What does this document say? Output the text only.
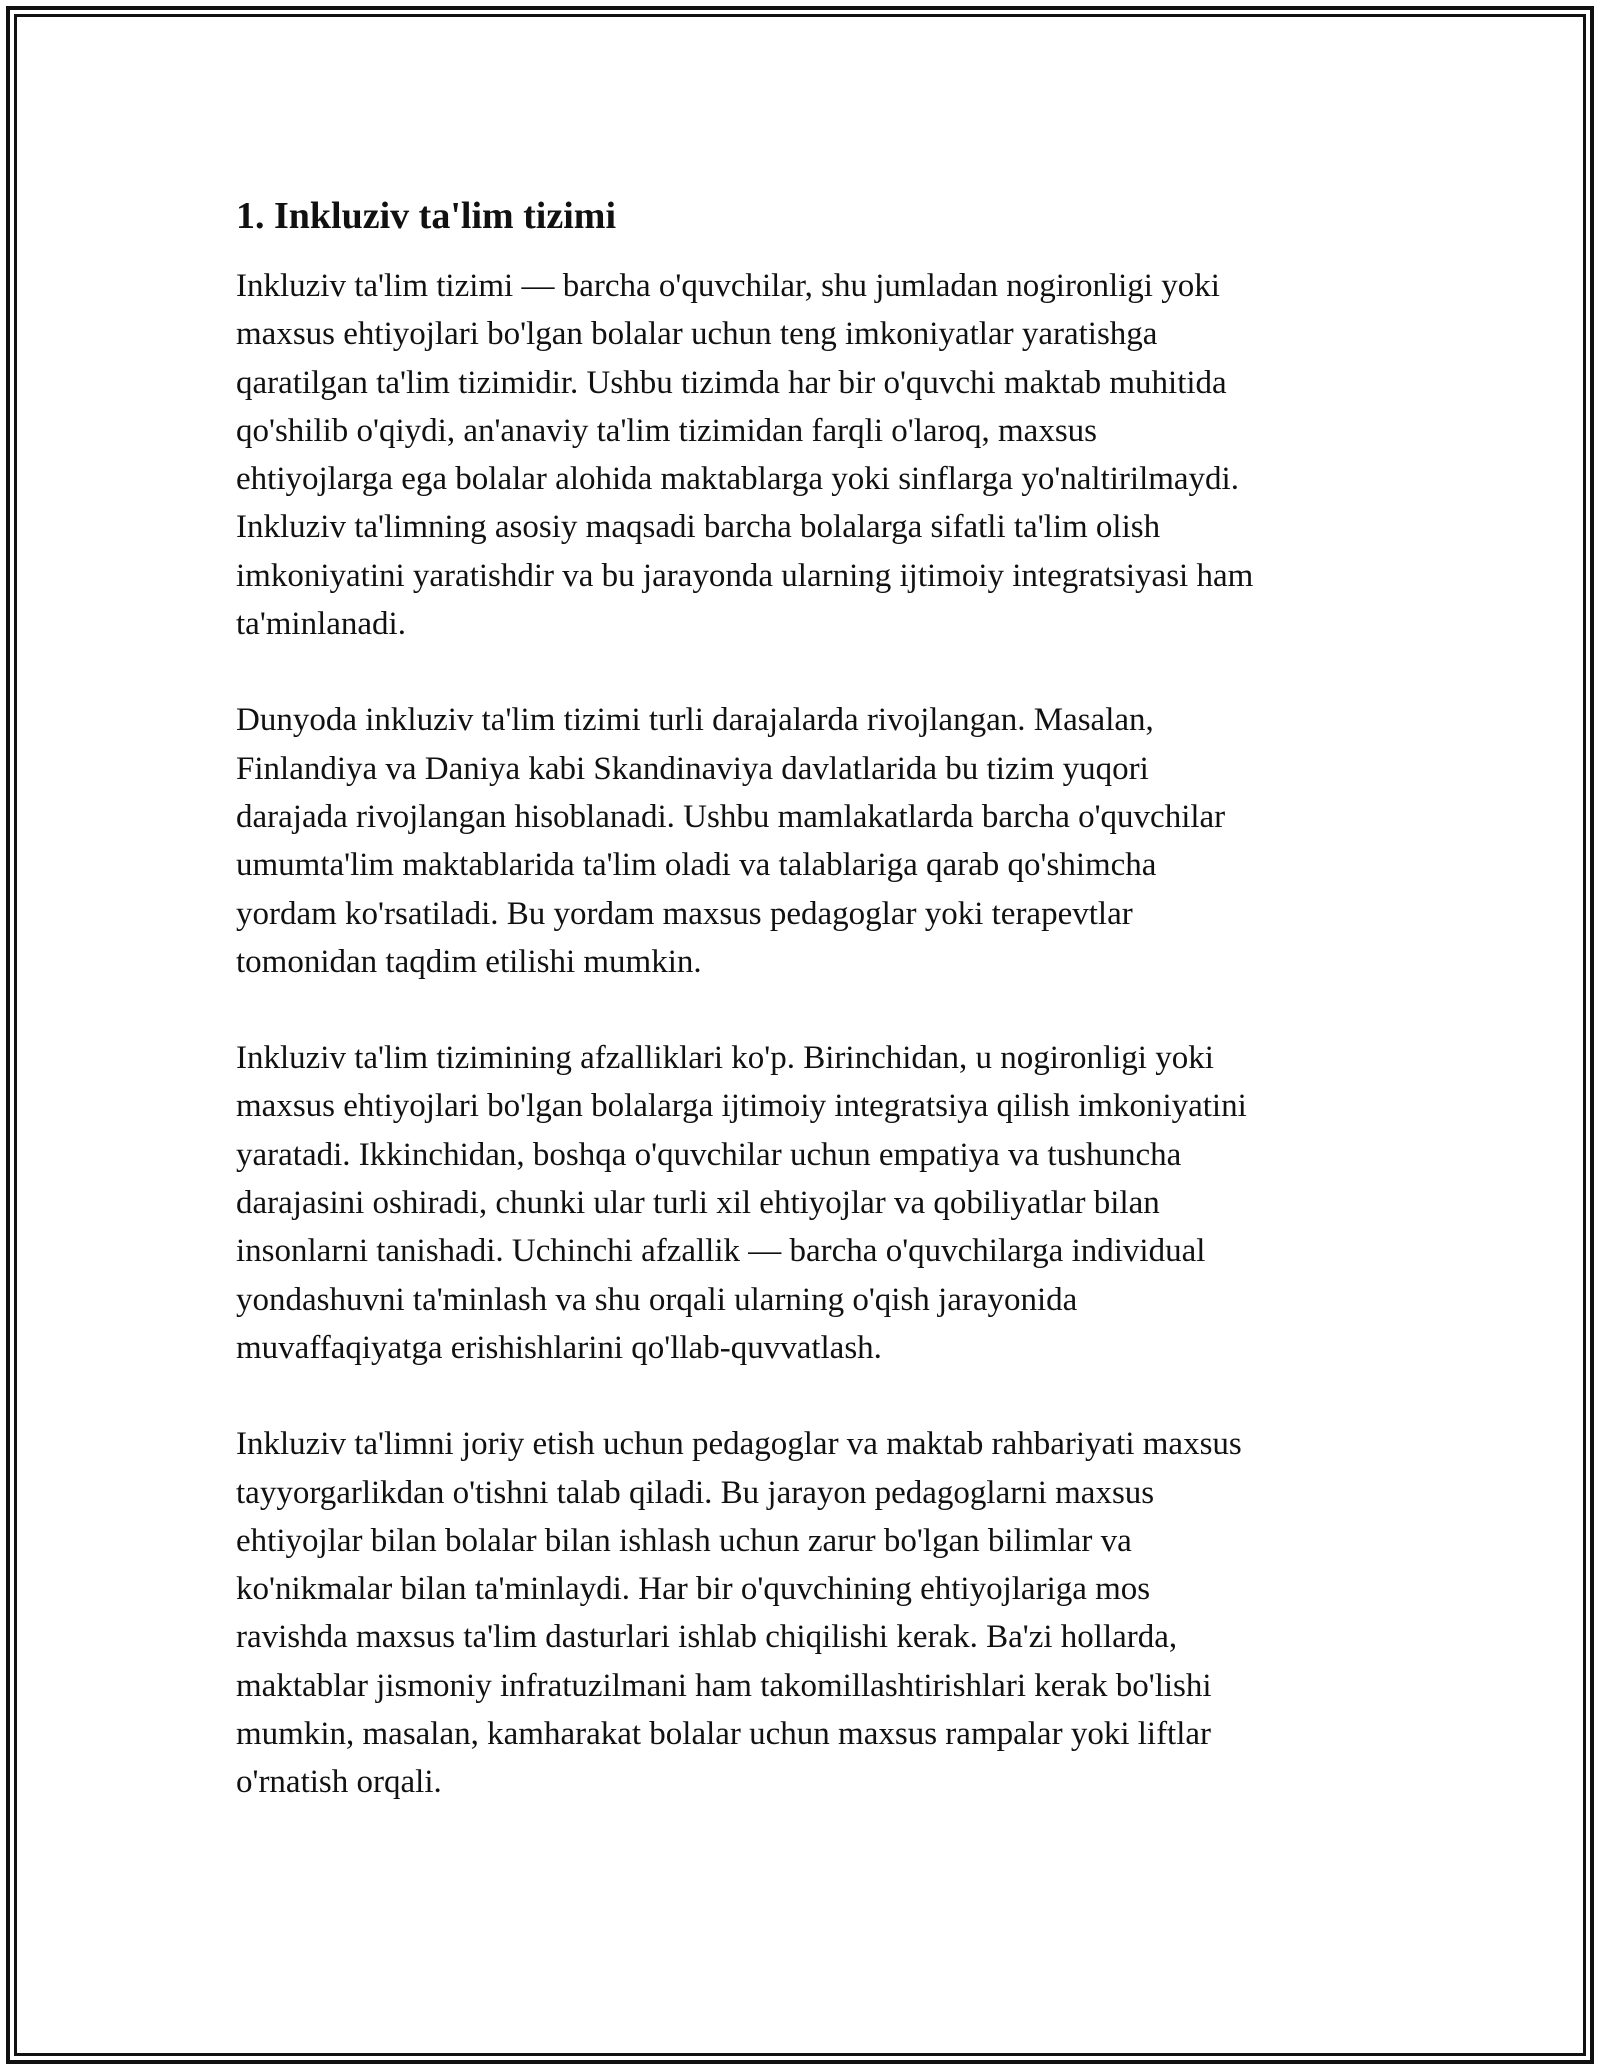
1. Inkluziv ta'lim tizimi

Inkluziv ta'lim tizimi — barcha o'quvchilar, shu jumladan nogironligi yoki
maxsus ehtiyojlari bo'lgan bolalar uchun teng imkoniyatlar yaratishga
qaratilgan ta'lim tizimidir. Ushbu tizimda har bir o'quvchi maktab muhitida
qo'shilib o'qiydi, an'anaviy ta'lim tizimidan farqli o'laroq, maxsus
ehtiyojlarga ega bolalar alohida maktablarga yoki sinflarga yo'naltirilmaydi.
Inkluziv ta'limning asosiy maqsadi barcha bolalarga sifatli ta'lim olish
imkoniyatini yaratishdir va bu jarayonda ularning ijtimoiy integratsiyasi ham
ta'minlanadi.

Dunyoda inkluziv ta'lim tizimi turli darajalarda rivojlangan. Masalan,
Finlandiya va Daniya kabi Skandinaviya davlatlarida bu tizim yuqori
darajada rivojlangan hisoblanadi. Ushbu mamlakatlarda barcha o'quvchilar
umumta'lim maktablarida ta'lim oladi va talablariga qarab qo'shimcha
yordam ko'rsatiladi. Bu yordam maxsus pedagoglar yoki terapevtlar
tomonidan taqdim etilishi mumkin.

Inkluziv ta'lim tizimining afzalliklari ko'p. Birinchidan, u nogironligi yoki
maxsus ehtiyojlari bo'lgan bolalarga ijtimoiy integratsiya qilish imkoniyatini
yaratadi. Ikkinchidan, boshqa o'quvchilar uchun empatiya va tushuncha
darajasini oshiradi, chunki ular turli xil ehtiyojlar va qobiliyatlar bilan
insonlarni tanishadi. Uchinchi afzallik — barcha o'quvchilarga individual
yondashuvni ta'minlash va shu orqali ularning o'qish jarayonida
muvaffaqiyatga erishishlarini qo'llab-quvvatlash.

Inkluziv ta'limni joriy etish uchun pedagoglar va maktab rahbariyati maxsus
tayyorgarlikdan o'tishni talab qiladi. Bu jarayon pedagoglarni maxsus
ehtiyojlar bilan bolalar bilan ishlash uchun zarur bo'lgan bilimlar va
ko'nikmalar bilan ta'minlaydi. Har bir o'quvchining ehtiyojlariga mos
ravishda maxsus ta'lim dasturlari ishlab chiqilishi kerak. Ba'zi hollarda,
maktablar jismoniy infratuzilmani ham takomillashtirishlari kerak bo'lishi
mumkin, masalan, kamharakat bolalar uchun maxsus rampalar yoki liftlar
o'rnatish orqali.
